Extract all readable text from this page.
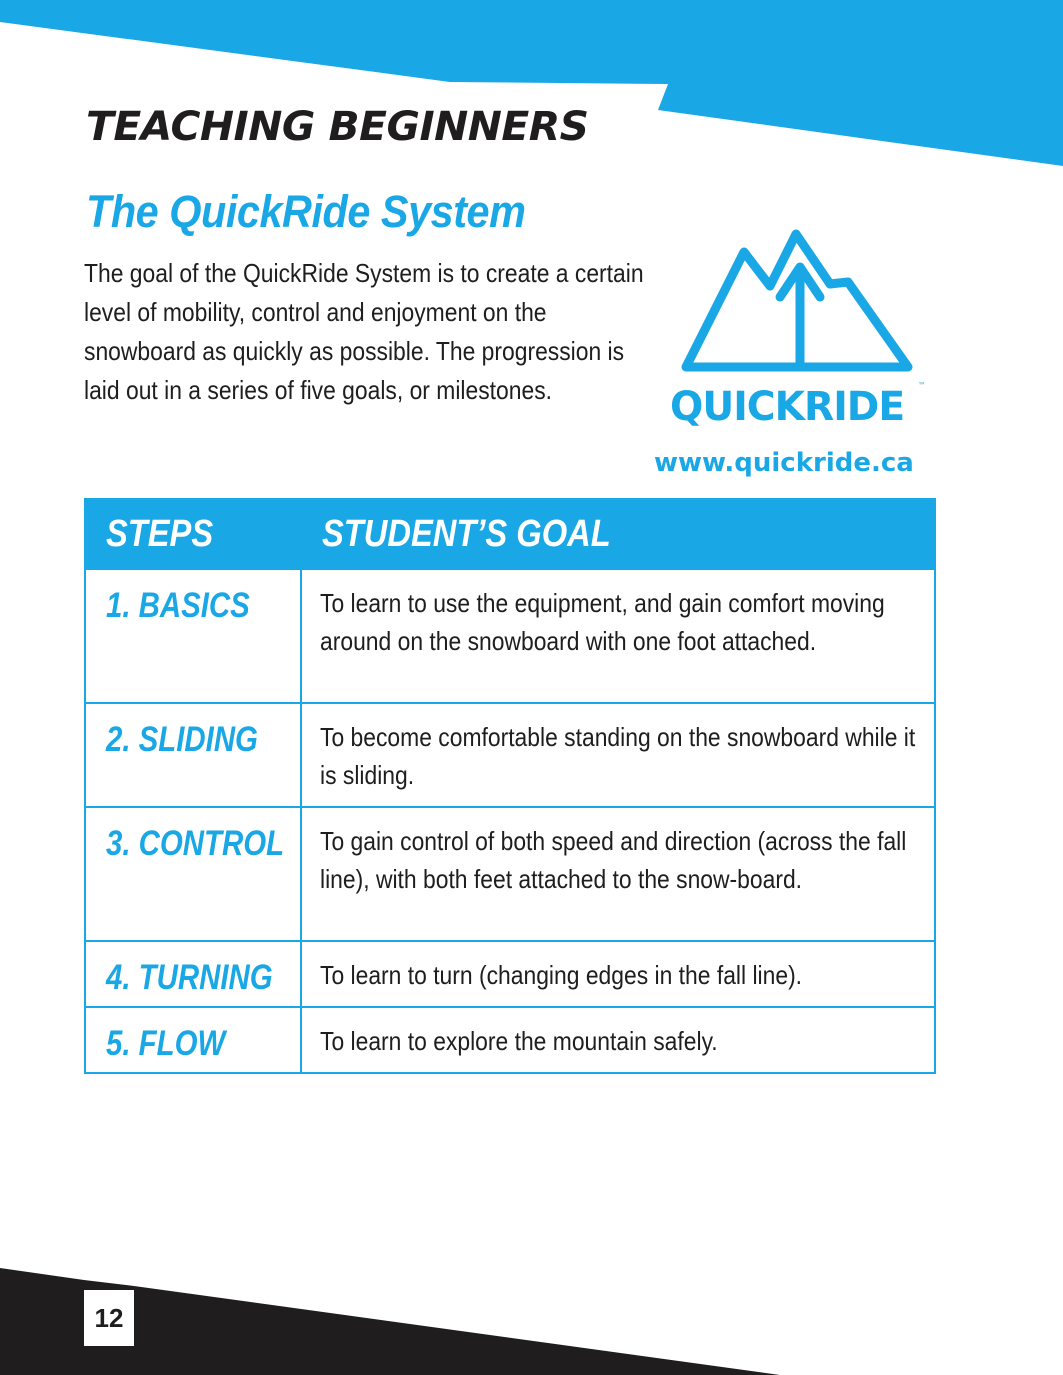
TEACHING BEGINNERS
The QuickRide System

The goal of the QuickRide System is to create a certain level of mobility, control and enjoyment on the snowboard as quickly as possible. The progression is laid out in a series of five goals, or milestones.	QUICKRIDE ™

www.quickride.ca

STEPS	STUDENT’S GOAL
1. BASICS	To learn to use the equipment, and gain comfort moving around on the snowboard with one foot attached.

2. SLIDING	To become comfortable standing on the snowboard while it is sliding.

3. CONTROL	To gain control of both speed and direction (across the fall line), with both feet attached to the snow-board.

4. TURNING	To learn to turn (changing edges in the fall line).

5. FLOW	To learn to explore the mountain safely.
12
